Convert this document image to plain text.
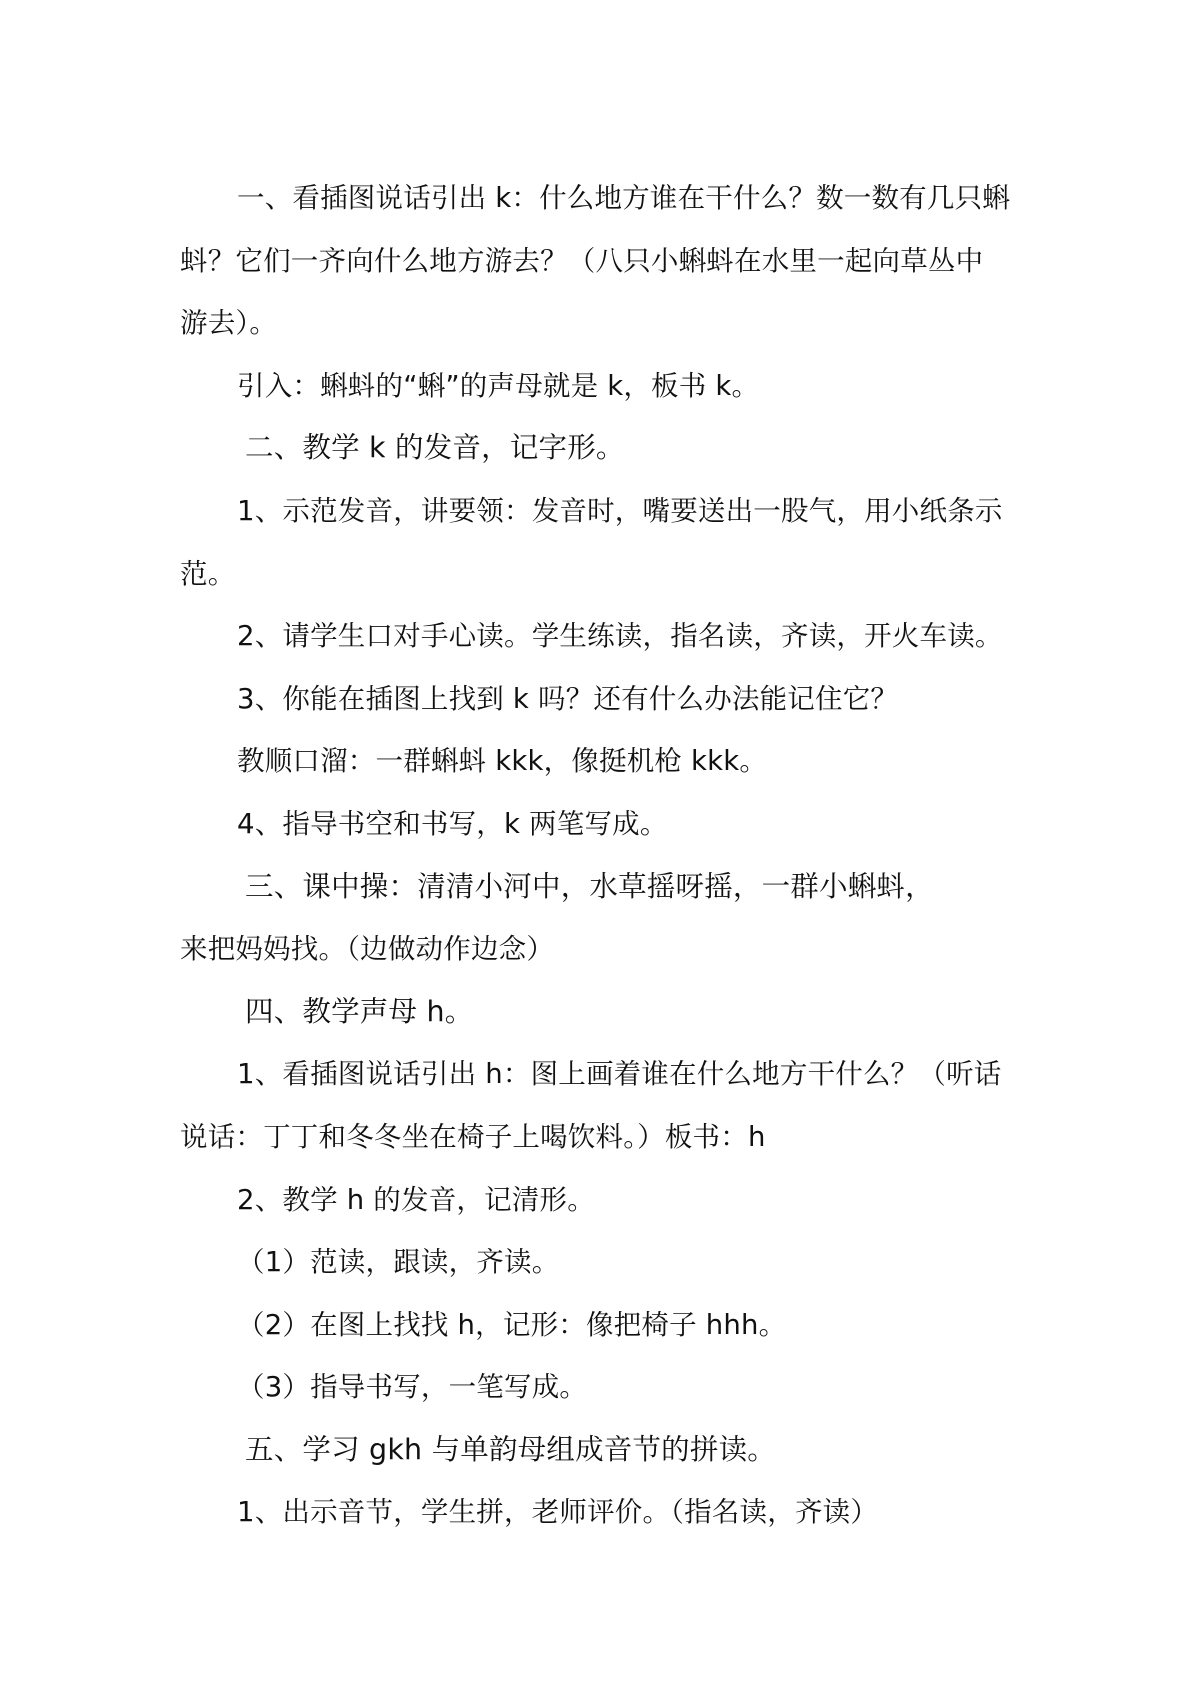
一、看插图说话引出 k：什么地方谁在干什么？数一数有几只蝌
蚪？它们一齐向什么地方游去？（八只小蝌蚪在水里一起向草丛中
游去）。
引入：蝌蚪的“蝌”的声母就是 k，板书 k。
二、教学 k 的发音，记字形。
1、示范发音，讲要领：发音时，嘴要送出一股气，用小纸条示
范。
2、请学生口对手心读。学生练读，指名读，齐读，开火车读。
3、你能在插图上找到 k 吗？还有什么办法能记住它？
教顺口溜：一群蝌蚪 kkk，像挺机枪 kkk。
4、指导书空和书写，k 两笔写成。
三、课中操：清清小河中，水草摇呀摇，一群小蝌蚪，
来把妈妈找。（边做动作边念）
四、教学声母 h。
1、看插图说话引出 h：图上画着谁在什么地方干什么？（听话
说话：丁丁和冬冬坐在椅子上喝饮料。）板书：h
2、教学 h 的发音，记清形。
（1）范读，跟读，齐读。
（2）在图上找找 h，记形：像把椅子 hhh。
（3）指导书写，一笔写成。
五、学习 gkh 与单韵母组成音节的拼读。
1、出示音节，学生拼，老师评价。（指名读，齐读）
